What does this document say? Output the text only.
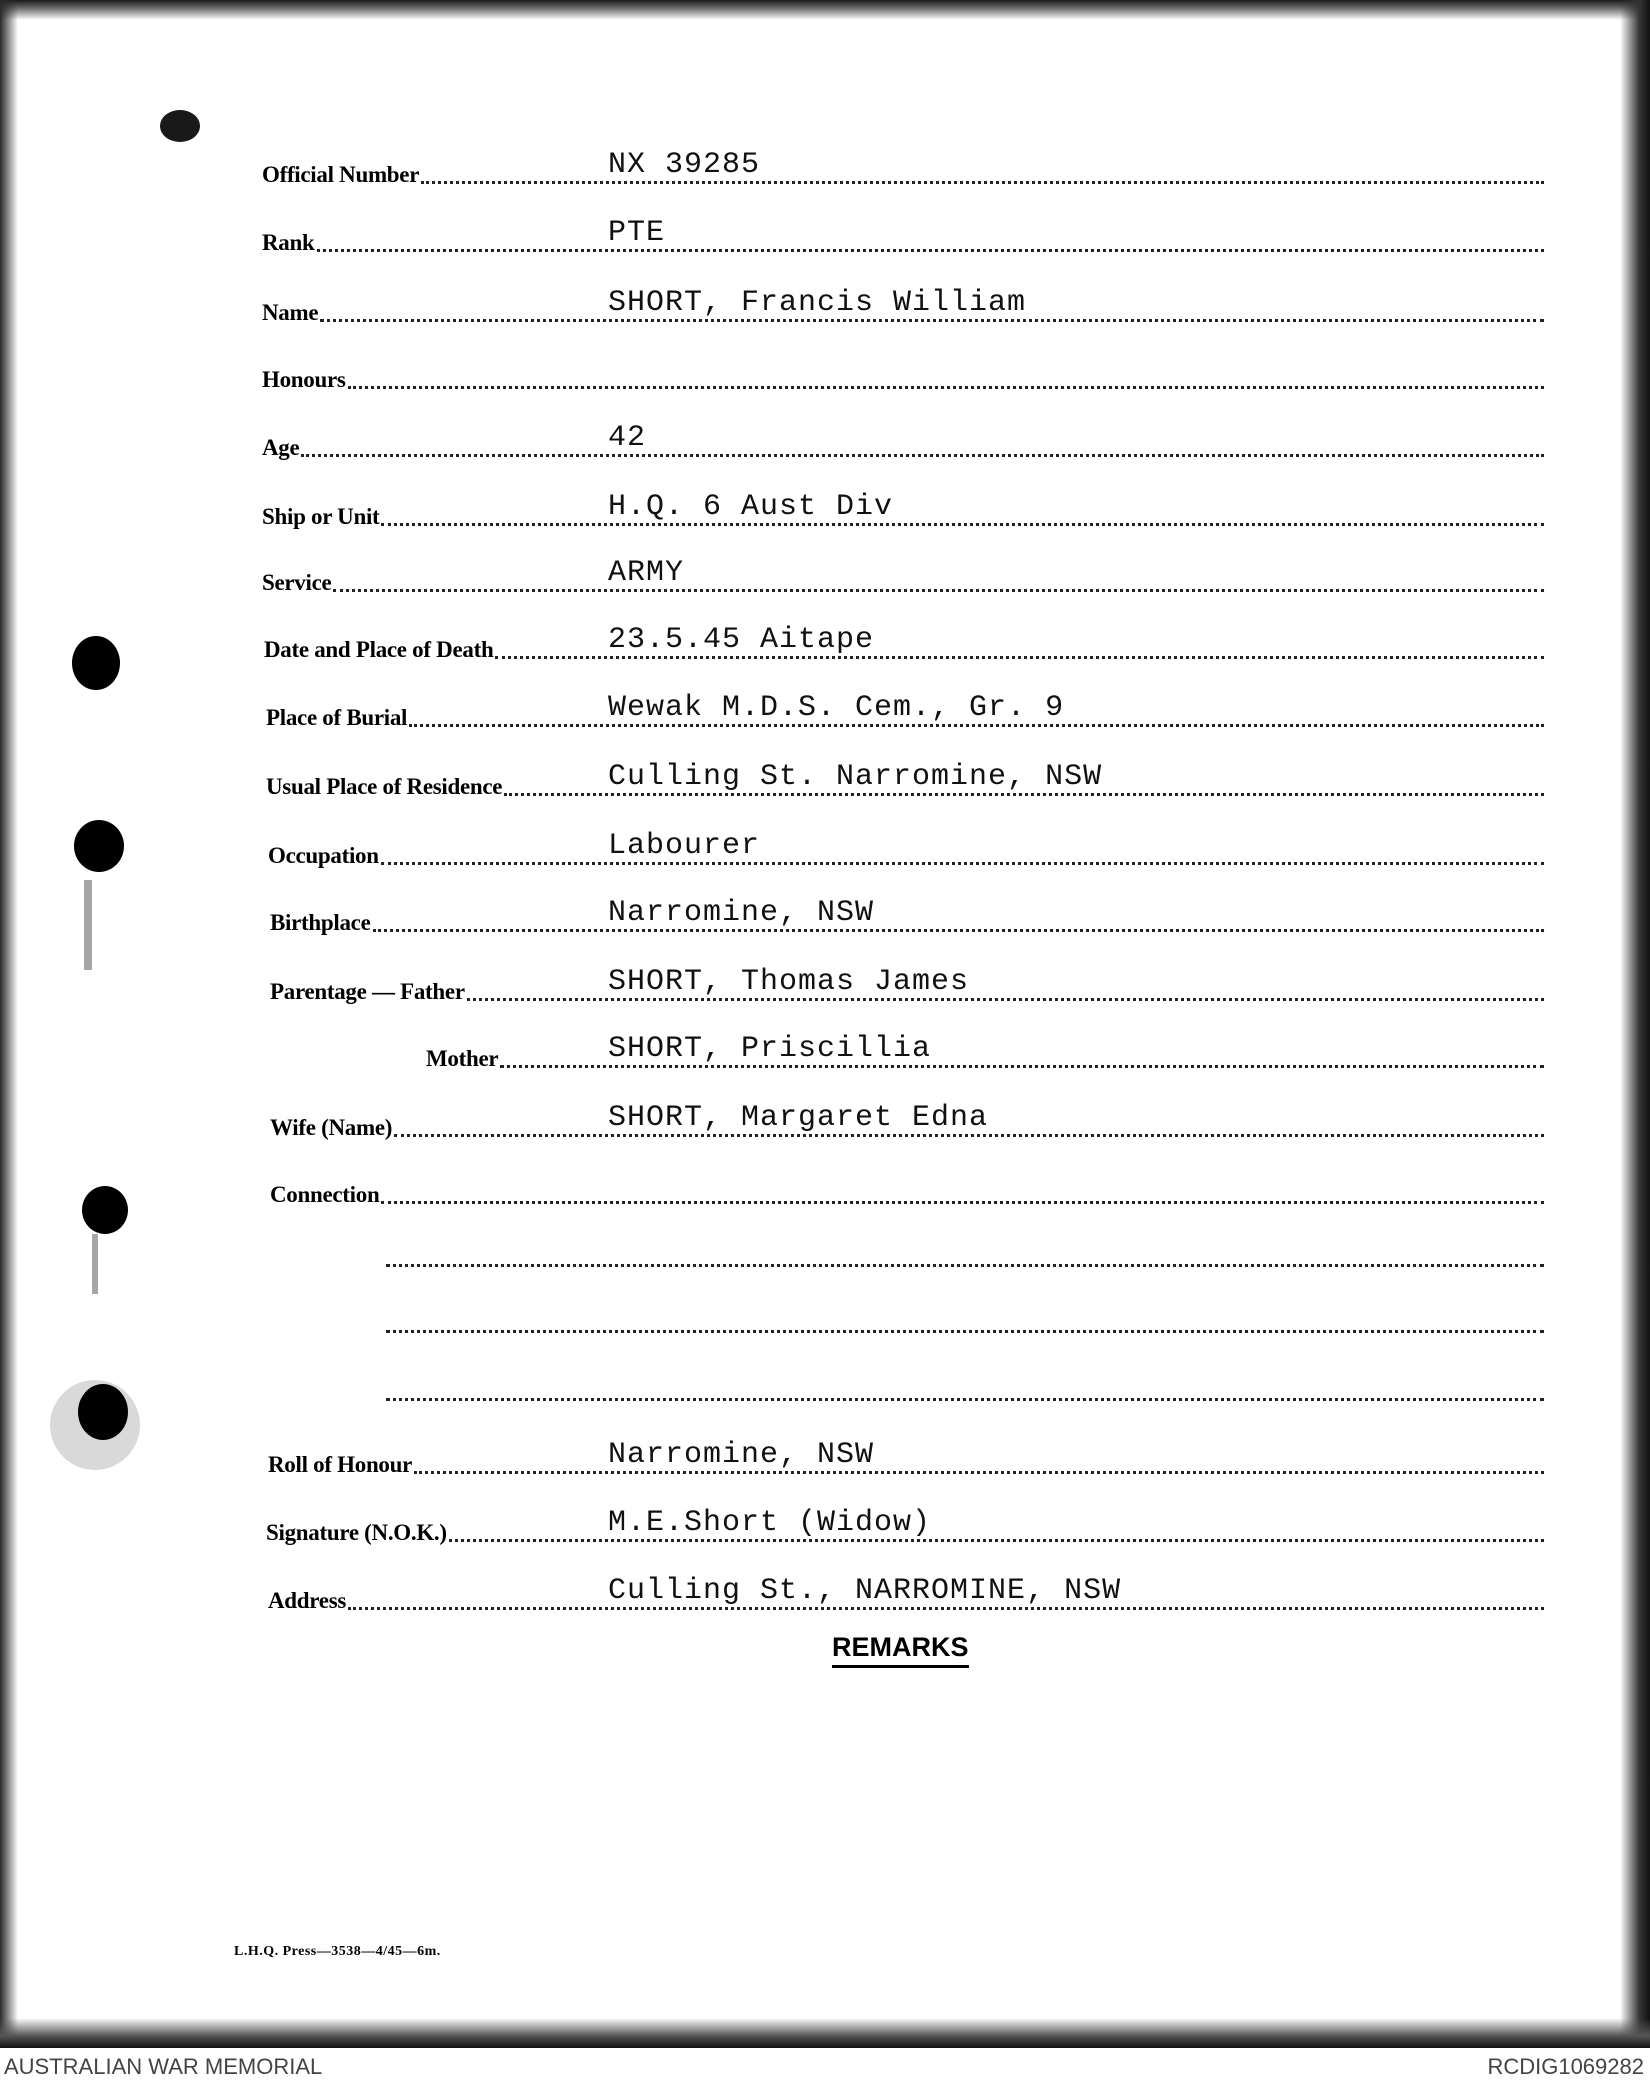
Official Number	NX 39285
Rank	PTE
Name	SHORT, Francis William
Honours
Age	42
Ship or Unit	H.Q. 6 Aust Div
Service	ARMY
Date and Place of Death	23.5.45 Aitape
Place of Burial	Wewak M.D.S. Cem., Gr. 9
Usual Place of Residence	Culling St. Narromine, NSW
Occupation	Labourer
Birthplace	Narromine, NSW
Parentage — Father	SHORT, Thomas James
Mother	SHORT, Priscillia
Wife (Name)	SHORT, Margaret Edna
Connection
Roll of Honour	Narromine, NSW
Signature (N.O.K.)	M.E.Short (Widow)
Address	Culling St., NARROMINE, NSW
REMARKS
L.H.Q. Press—3538—4/45—6m.
AUSTRALIAN WAR MEMORIAL	RCDIG1069282
